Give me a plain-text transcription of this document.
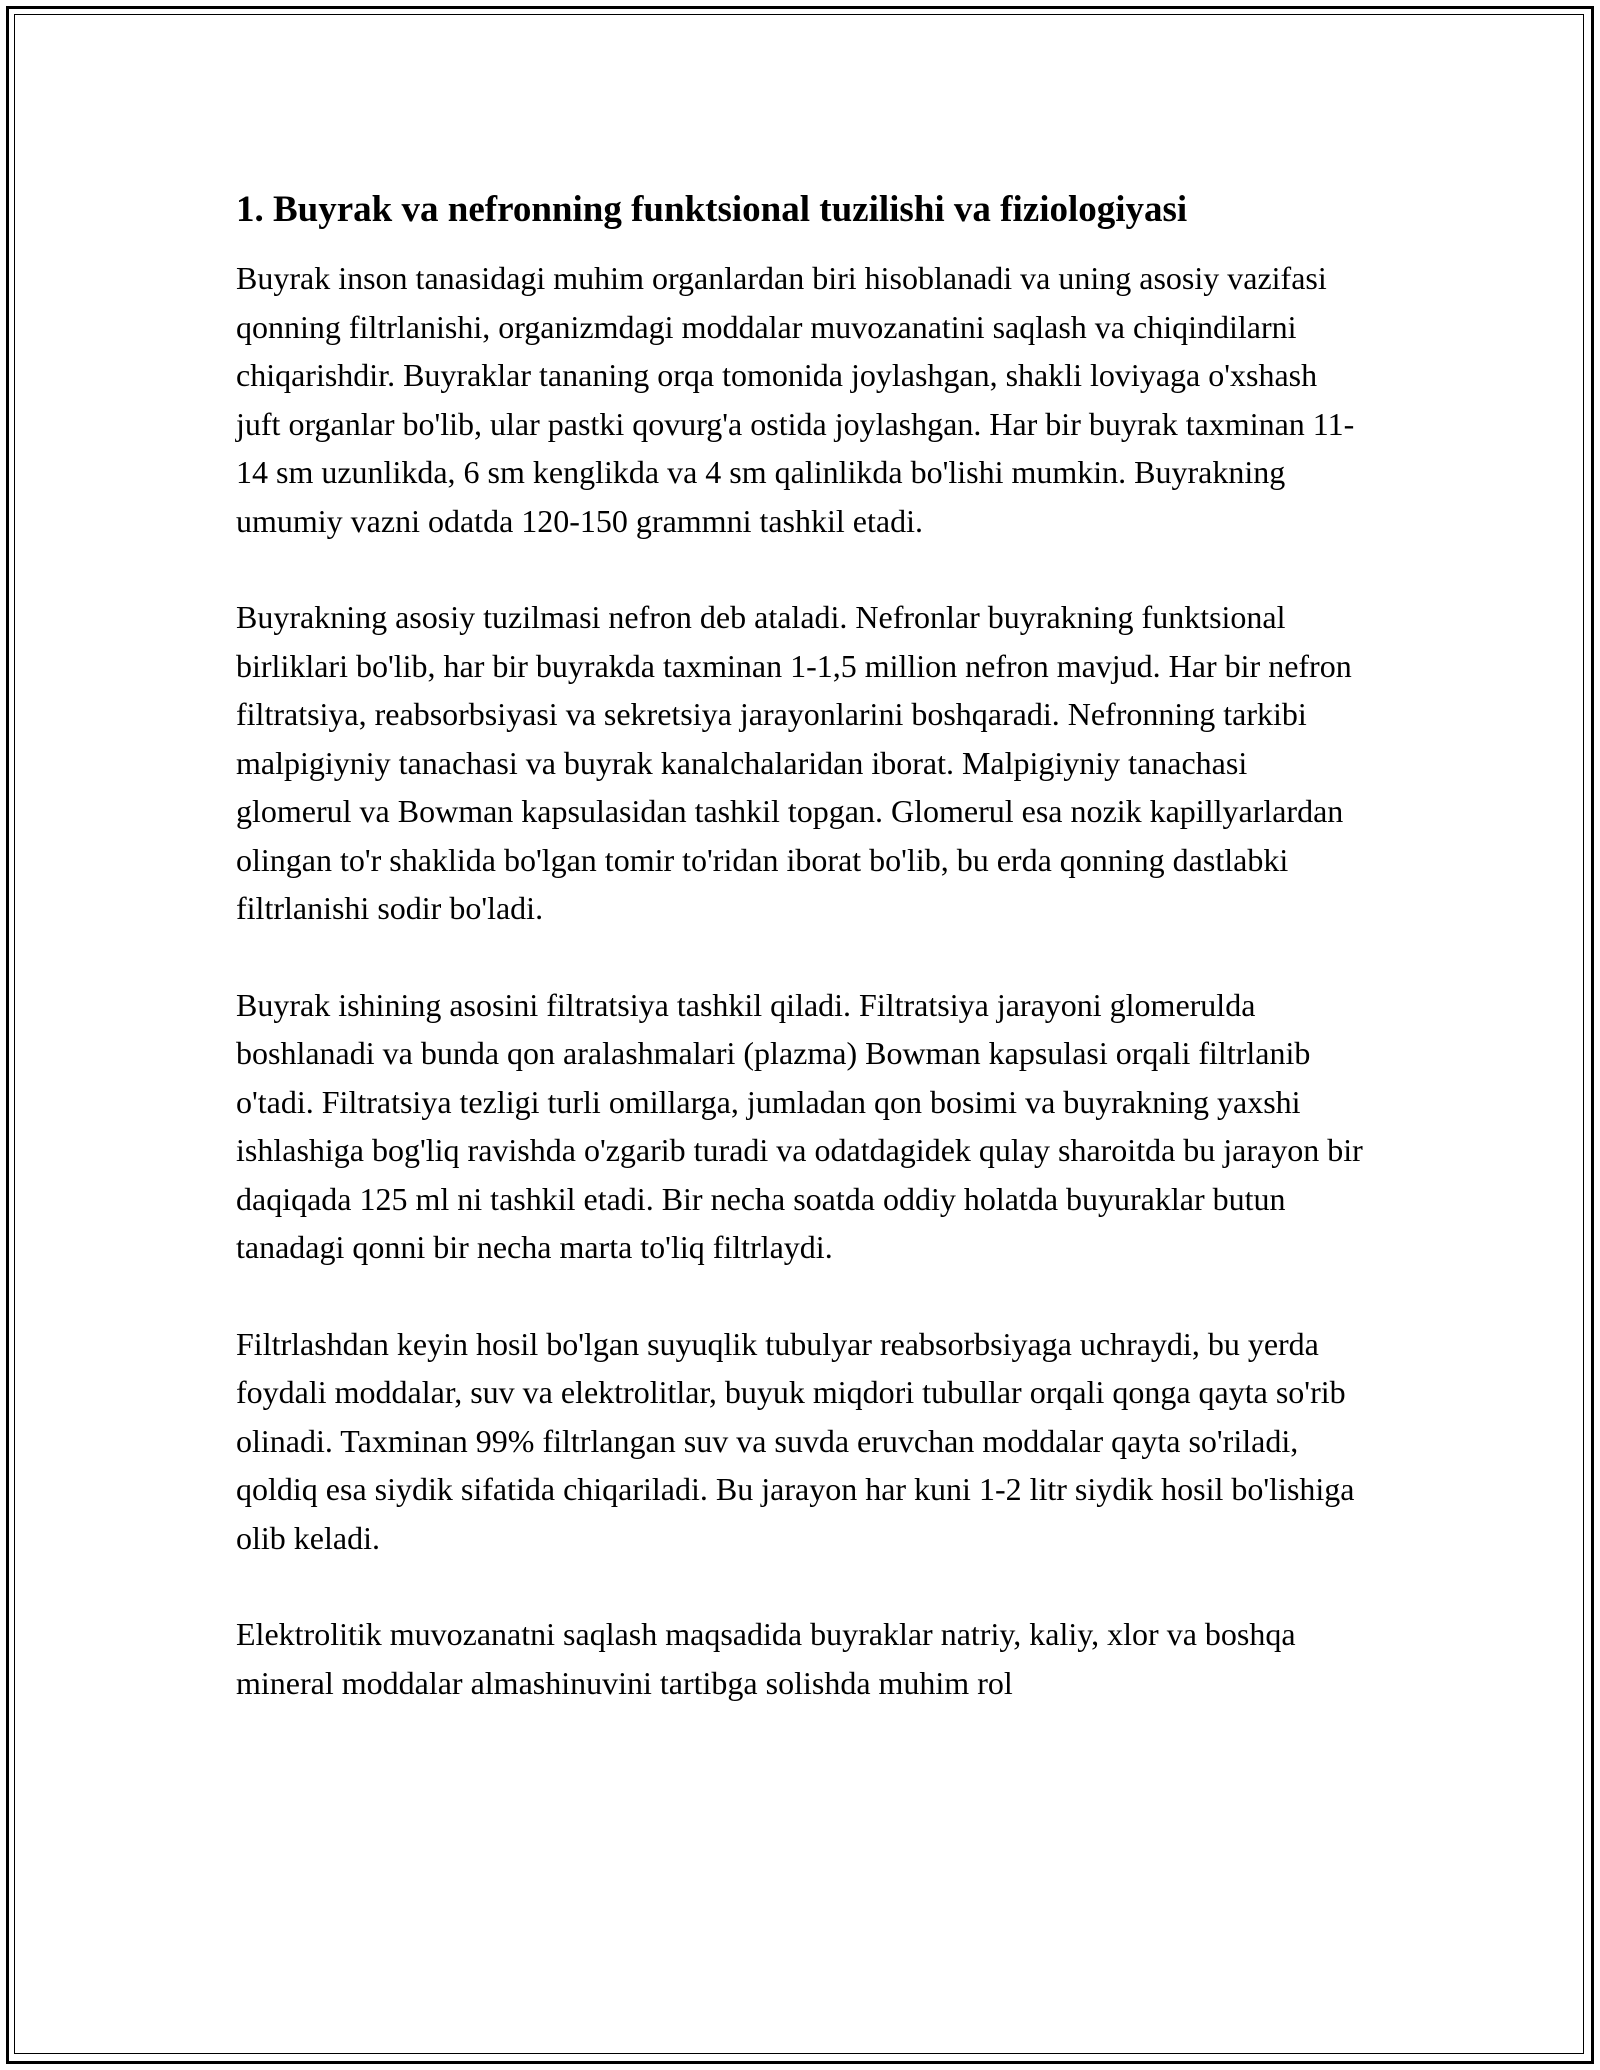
1. Buyrak va nefronning funktsional tuzilishi va fiziologiyasi

Buyrak inson tanasidagi muhim organlardan biri hisoblanadi va uning asosiy vazifasi qonning filtrlanishi, organizmdagi moddalar muvozanatini saqlash va chiqindilarni chiqarishdir. Buyraklar tananing orqa tomonida joylashgan, shakli loviyaga o'xshash juft organlar bo'lib, ular pastki qovurg'a ostida joylashgan. Har bir buyrak taxminan 11-14 sm uzunlikda, 6 sm kenglikda va 4 sm qalinlikda bo'lishi mumkin. Buyrakning umumiy vazni odatda 120-150 grammni tashkil etadi.

Buyrakning asosiy tuzilmasi nefron deb ataladi. Nefronlar buyrakning funktsional birliklari bo'lib, har bir buyrakda taxminan 1-1,5 million nefron mavjud. Har bir nefron filtratsiya, reabsorbsiyasi va sekretsiya jarayonlarini boshqaradi. Nefronning tarkibi malpigiyniy tanachasi va buyrak kanalchalaridan iborat. Malpigiyniy tanachasi glomerul va Bowman kapsulasidan tashkil topgan. Glomerul esa nozik kapillyarlardan olingan to'r shaklida bo'lgan tomir to'ridan iborat bo'lib, bu erda qonning dastlabki filtrlanishi sodir bo'ladi.

Buyrak ishining asosini filtratsiya tashkil qiladi. Filtratsiya jarayoni glomerulda boshlanadi va bunda qon aralashmalari (plazma) Bowman kapsulasi orqali filtrlanib o'tadi. Filtratsiya tezligi turli omillarga, jumladan qon bosimi va buyrakning yaxshi ishlashiga bog'liq ravishda o'zgarib turadi va odatdagidek qulay sharoitda bu jarayon bir daqiqada 125 ml ni tashkil etadi. Bir necha soatda oddiy holatda buyuraklar butun tanadagi qonni bir necha marta to'liq filtrlaydi.

Filtrlashdan keyin hosil bo'lgan suyuqlik tubulyar reabsorbsiyaga uchraydi, bu yerda foydali moddalar, suv va elektrolitlar, buyuk miqdori tubullar orqali qonga qayta so'rib olinadi. Taxminan 99% filtrlangan suv va suvda eruvchan moddalar qayta so'riladi, qoldiq esa siydik sifatida chiqariladi. Bu jarayon har kuni 1-2 litr siydik hosil bo'lishiga olib keladi.

Elektrolitik muvozanatni saqlash maqsadida buyraklar natriy, kaliy, xlor va boshqa mineral moddalar almashinuvini tartibga solishda muhim rol
